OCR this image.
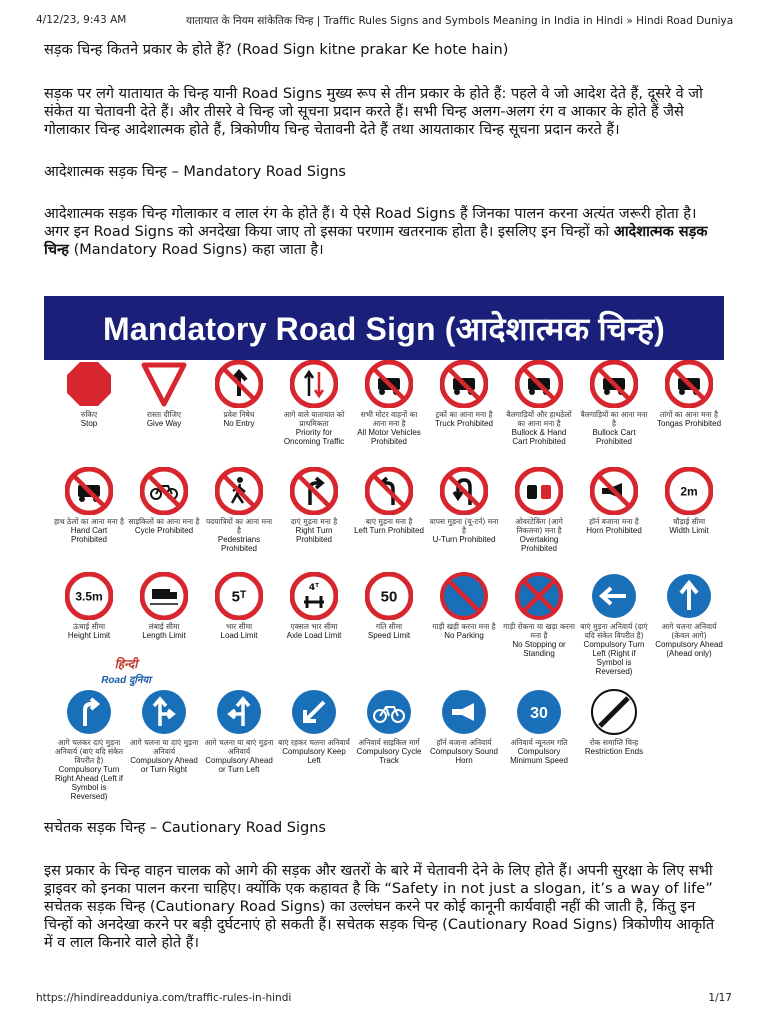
4/12/23, 9:43 AM	यातायात के नियम सांकेतिक चिन्ह | Traffic Rules Signs and Symbols Meaning in India in Hindi » Hindi Road Duniya

सड़क चिन्ह कितने प्रकार के होते हैं? (Road Sign kitne prakar Ke hote hain)

सड़क पर लगे यातायात के चिन्ह यानी Road Signs मुख्य रूप से तीन प्रकार के होते हैं: पहले वे जो आदेश देते हैं, दूसरे वे जो संकेत या चेतावनी देते हैं। और तीसरे वे चिन्ह जो सूचना प्रदान करते हैं। सभी चिन्ह अलग-अलग रंग व आकार के होते हैं जैसे गोलाकार चिन्ह आदेशात्मक होते हैं, त्रिकोणीय चिन्ह चेतावनी देते हैं तथा आयताकार चिन्ह सूचना प्रदान करते हैं।

आदेशात्मक सड़क चिन्ह – Mandatory Road Signs

आदेशात्मक सड़क चिन्ह गोलाकार व लाल रंग के होते हैं। ये ऐसे Road Signs हैं जिनका पालन करना अत्यंत जरूरी होता है। अगर इन Road Signs को अनदेखा किया जाए तो इसका परणाम खतरनाक होता है। इसलिए इन चिन्हों को आदेशात्मक सड़क चिन्ह (Mandatory Road Signs) कहा जाता है।

Mandatory Road Sign (आदेशात्मक चिन्ह)
रुकिए
Stop
रास्ता दीजिए
Give Way
प्रवेश निषेध
No Entry
आगे वाले यातायात को प्राथमिकता
Priority for Oncoming Traffic
सभी मोटर वाहनों का आना मना है
All Motor Vehicles Prohibited
ट्रकों का आना मना है
Truck Prohibited
बैलगाड़ियों और हाथठेलों का आना मना है
Bullock & Hand Cart Prohibited
बैलगाड़ियों का आना मना है
Bullock Cart Prohibited
तांगों का आना मना है
Tongas Prohibited
हाथ ठेलों का आना मना है
Hand Cart Prohibited
साइकिलों का आना मना है
Cycle Prohibited
पदयात्रियों का आना मना है
Pedestrians Prohibited
दाएं मुड़ना मना है
Right Turn Prohibited
बाएं मुड़ना मना है
Left Turn Prohibited
वापस मुड़ना (यू-टर्न) मना है
U-Turn Prohibited
ओवरटेकिंग (आगे निकलना) मना है
Overtaking Prohibited
हॉर्न बजाना मना है
Horn Prohibited
2m
चौड़ाई सीमा
Width Limit
3.5m
ऊंचाई सीमा
Height Limit
लंबाई सीमा
Length Limit
5ᵀ
भार सीमा
Load Limit
4ᵀ
एक्सल भार सीमा
Axle Load Limit
50
गति सीमा
Speed Limit
गाड़ी खड़ी करना मना है
No Parking
गाड़ी रोकना या खड़ा करना मना है
No Stopping or Standing
बाएं मुड़ना अनिवार्य (दाएं यदि संकेत विपरीत है)
Compulsory Turn Left (Right if Symbol is Reversed)
आगे चलना अनिवार्य (केवल आगे)
Compulsory Ahead (Ahead only)
आगे चलकर दाएं मुड़ना अनिवार्य (बाएं यदि संकेत विपरीत है)
Compulsory Turn Right Ahead (Left if Symbol is Reversed)
आगे चलना या दाएं मुड़ना अनिवार्य
Compulsory Ahead or Turn Right
आगे चलना या बाएं मुड़ना अनिवार्य
Compulsory Ahead or Turn Left
बाएं रहकर चलना अनिवार्य
Compulsory Keep Left
अनिवार्य साइकिल मार्ग
Compulsory Cycle Track
हॉर्न बजाना अनिवार्य
Compulsory Sound Horn
30
अनिवार्य न्यूनतम गति
Compulsory Minimum Speed
रोक समाप्ति चिन्ह
Restriction Ends
हिन्दी
Road दुनिया

सचेतक सड़क चिन्ह – Cautionary Road Signs

इस प्रकार के चिन्ह वाहन चालक को आगे की सड़क और खतरों के बारे में चेतावनी देने के लिए होते हैं। अपनी सुरक्षा के लिए सभी ड्राइवर को इनका पालन करना चाहिए। क्योंकि एक कहावत है कि “Safety in not just a slogan, it’s a way of life” सचेतक सड़क चिन्ह (Cautionary Road Signs) का उल्लंघन करने पर कोई कानूनी कार्यवाही नहीं की जाती है, किंतु इन चिन्हों को अनदेखा करने पर बड़ी दुर्घटनाएं हो सकती हैं। सचेतक सड़क चिन्ह (Cautionary Road Signs) त्रिकोणीय आकृति में व लाल किनारे वाले होते हैं।

https://hindireadduniya.com/traffic-rules-in-hindi	1/17
